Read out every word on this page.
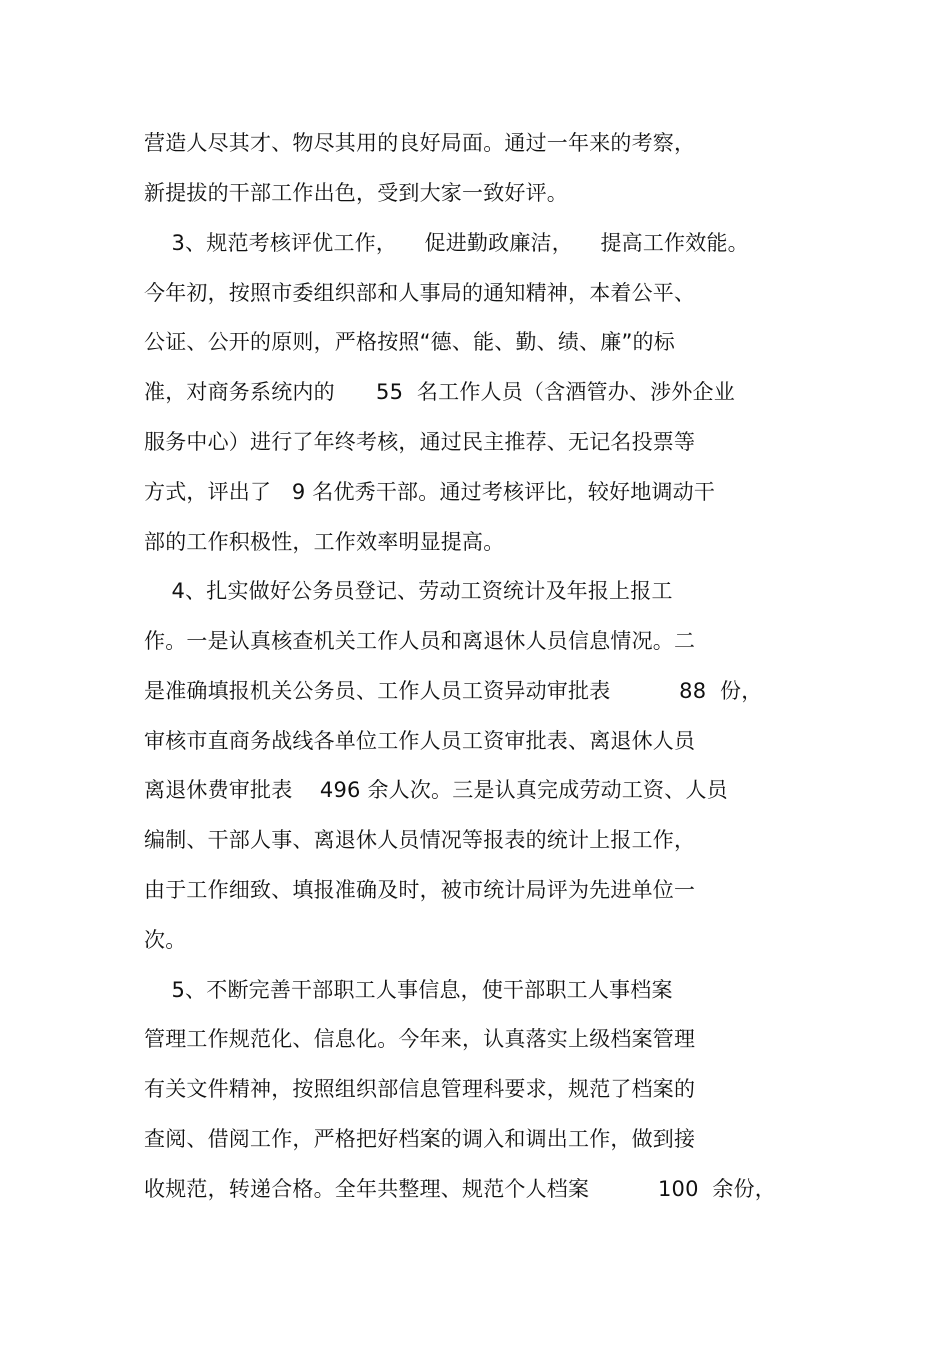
营造人尽其才、物尽其用的良好局面。通过一年来的考察，
新提拔的干部工作出色，受到大家一致好评。
3、规范考核评优工作，    促进勤政廉洁，    提高工作效能。
今年初，按照市委组织部和人事局的通知精神，本着公平、
公证、公开的原则，严格按照“德、能、勤、绩、廉”的标
准，对商务系统内的      55  名工作人员（含酒管办、涉外企业
服务中心）进行了年终考核，通过民主推荐、无记名投票等
方式，评出了   9 名优秀干部。通过考核评比，较好地调动干
部的工作积极性，工作效率明显提高。
4、扎实做好公务员登记、劳动工资统计及年报上报工
作。一是认真核查机关工作人员和离退休人员信息情况。二
是准确填报机关公务员、工作人员工资异动审批表          88  份，
审核市直商务战线各单位工作人员工资审批表、离退休人员
离退休费审批表    496 余人次。三是认真完成劳动工资、人员
编制、干部人事、离退休人员情况等报表的统计上报工作，
由于工作细致、填报准确及时，被市统计局评为先进单位一
次。
5、不断完善干部职工人事信息，使干部职工人事档案
管理工作规范化、信息化。今年来，认真落实上级档案管理
有关文件精神，按照组织部信息管理科要求，规范了档案的
查阅、借阅工作，严格把好档案的调入和调出工作，做到接
收规范，转递合格。全年共整理、规范个人档案          100  余份，
